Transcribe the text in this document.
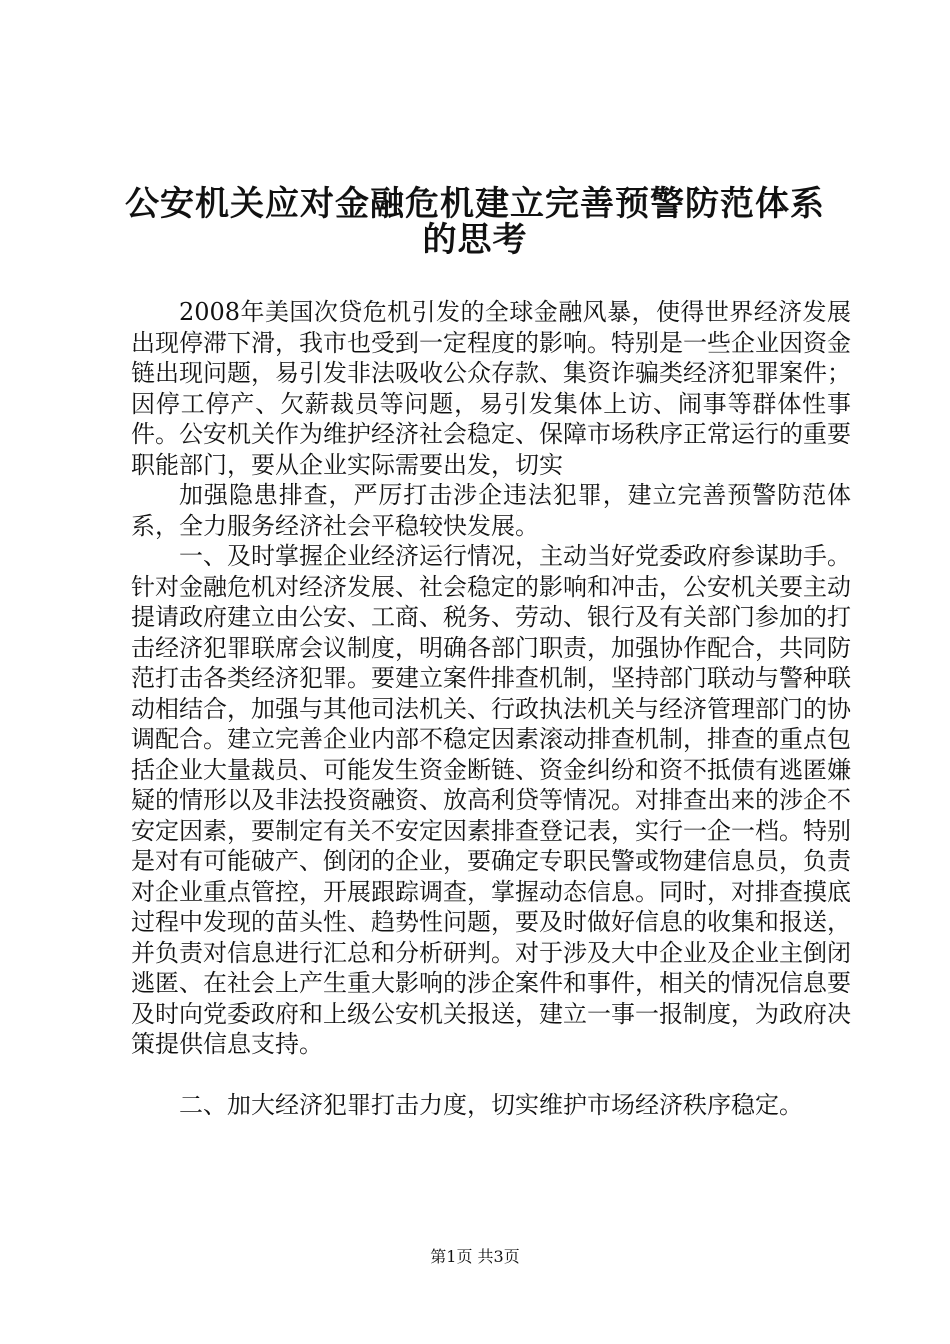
公安机关应对金融危机建立完善预警防范体系
的思考

2008年美国次贷危机引发的全球金融风暴，使得世界经济发展出现停滞下滑，我市也受到一定程度的影响。特别是一些企业因资金链出现问题，易引发非法吸收公众存款、集资诈骗类经济犯罪案件；因停工停产、欠薪裁员等问题，易引发集体上访、闹事等群体性事件。公安机关作为维护经济社会稳定、保障市场秩序正常运行的重要职能部门，要从企业实际需要出发，切实

加强隐患排查，严厉打击涉企违法犯罪，建立完善预警防范体系，全力服务经济社会平稳较快发展。

一、及时掌握企业经济运行情况，主动当好党委政府参谋助手。针对金融危机对经济发展、社会稳定的影响和冲击，公安机关要主动提请政府建立由公安、工商、税务、劳动、银行及有关部门参加的打击经济犯罪联席会议制度，明确各部门职责，加强协作配合，共同防范打击各类经济犯罪。要建立案件排查机制，坚持部门联动与警种联动相结合，加强与其他司法机关、行政执法机关与经济管理部门的协调配合。建立完善企业内部不稳定因素滚动排查机制，排查的重点包括企业大量裁员、可能发生资金断链、资金纠纷和资不抵债有逃匿嫌疑的情形以及非法投资融资、放高利贷等情况。对排查出来的涉企不安定因素，要制定有关不安定因素排查登记表，实行一企一档。特别是对有可能破产、倒闭的企业，要确定专职民警或物建信息员，负责对企业重点管控，开展跟踪调查，掌握动态信息。同时，对排查摸底过程中发现的苗头性、趋势性问题，要及时做好信息的收集和报送，并负责对信息进行汇总和分析研判。对于涉及大中企业及企业主倒闭逃匿、在社会上产生重大影响的涉企案件和事件，相关的情况信息要及时向党委政府和上级公安机关报送，建立一事一报制度，为政府决策提供信息支持。

二、加大经济犯罪打击力度，切实维护市场经济秩序稳定。

第1页 共3页
